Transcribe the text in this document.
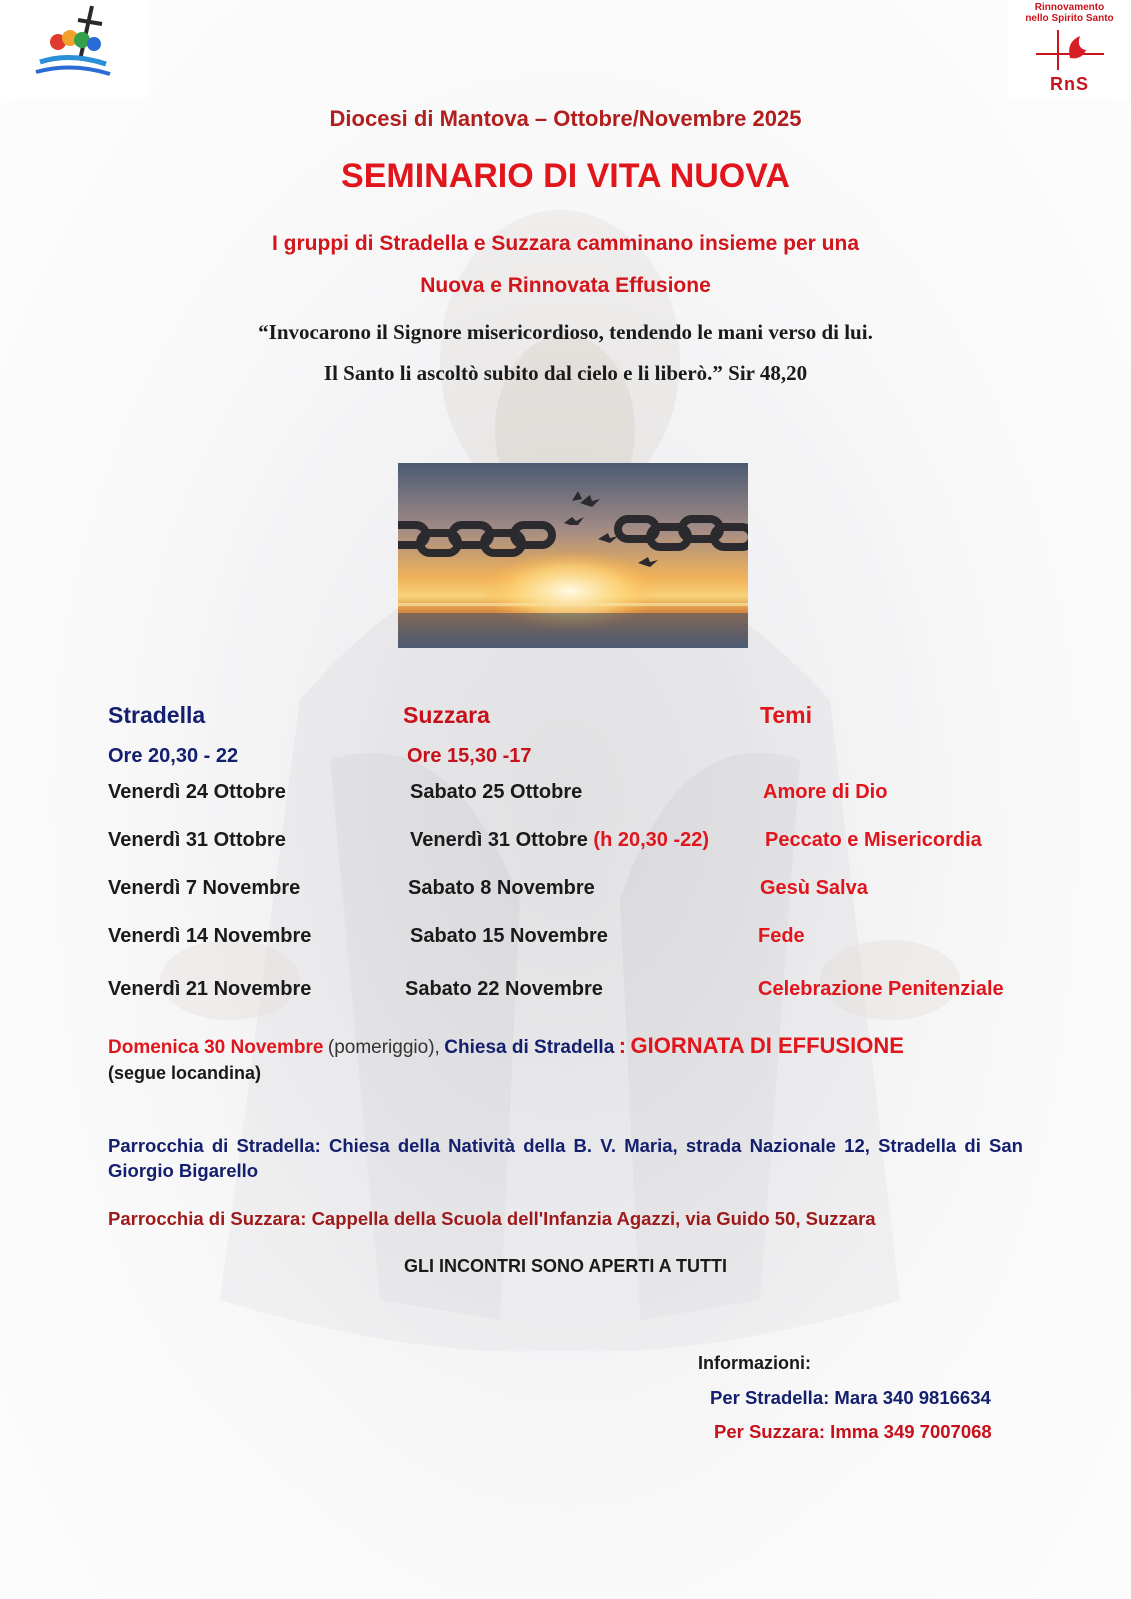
Rinnovamento
nello Spirito Santo
RnS
Diocesi di Mantova – Ottobre/Novembre 2025
SEMINARIO DI VITA NUOVA
I gruppi di Stradella e Suzzara camminano insieme per una
Nuova e Rinnovata Effusione
“Invocarono il Signore misericordioso, tendendo le mani verso di lui.
Il Santo li ascoltò subito dal cielo e li liberò.” Sir 48,20
Stradella	Suzzara	Temi
Ore 20,30 - 22	Ore 15,30 -17
Venerdì 24 Ottobre	Sabato 25 Ottobre	Amore di Dio
Venerdì 31 Ottobre	Venerdì 31 Ottobre (h 20,30 -22)	Peccato e Misericordia
Venerdì 7 Novembre	Sabato 8 Novembre	Gesù Salva
Venerdì 14 Novembre	Sabato 15 Novembre	Fede
Venerdì 21 Novembre	Sabato 22 Novembre	Celebrazione Penitenziale
Domenica 30 Novembre (pomeriggio), Chiesa di Stradella : GIORNATA DI EFFUSIONE
(segue locandina)
Parrocchia di Stradella: Chiesa della Natività della B. V. Maria, strada Nazionale 12, Stradella di San Giorgio Bigarello
Parrocchia di Suzzara: Cappella della Scuola dell'Infanzia Agazzi, via Guido 50, Suzzara
GLI INCONTRI SONO APERTI A TUTTI
Informazioni:
Per Stradella: Mara 340 9816634
Per Suzzara: Imma 349 7007068
